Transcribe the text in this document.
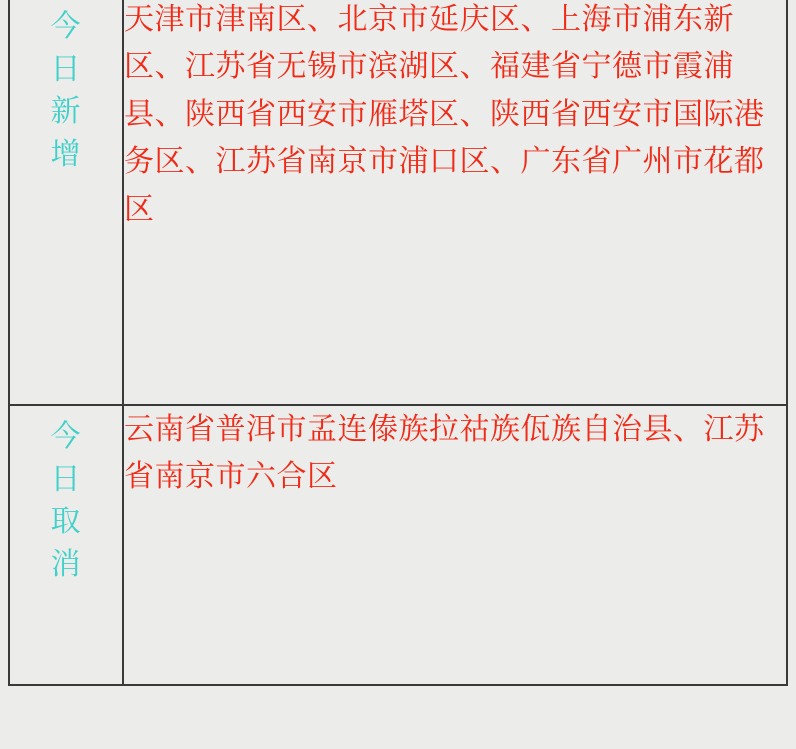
今
日
新
增	天津市津南区、北京市延庆区、上海市浦东新区、江苏省无锡市滨湖区、福建省宁德市霞浦县、陕西省西安市雁塔区、陕西省西安市国际港务区、江苏省南京市浦口区、广东省广州市花都区

今
日
取
消	云南省普洱市孟连傣族拉祜族佤族自治县、江苏省南京市六合区
